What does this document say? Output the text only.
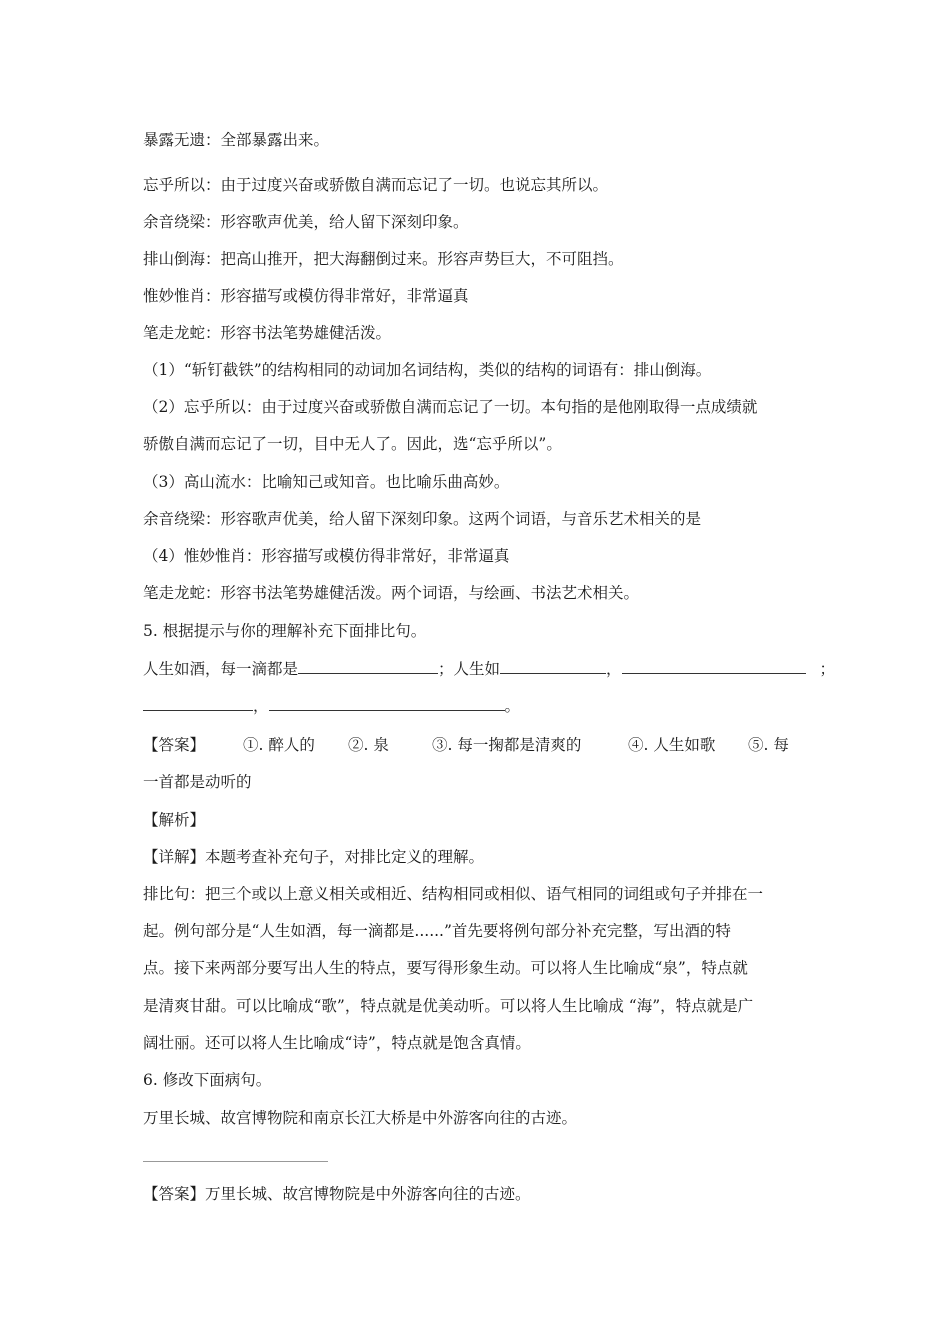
暴露无遗：全部暴露出来。
忘乎所以：由于过度兴奋或骄傲自满而忘记了一切。也说忘其所以。
余音绕梁：形容歌声优美，给人留下深刻印象。
排山倒海：把高山推开，把大海翻倒过来。形容声势巨大，不可阻挡。
惟妙惟肖：形容描写或模仿得非常好，非常逼真
笔走龙蛇：形容书法笔势雄健活泼。
（1）“斩钉截铁”的结构相同的动词加名词结构，类似的结构的词语有：排山倒海。
（2）忘乎所以：由于过度兴奋或骄傲自满而忘记了一切。本句指的是他刚取得一点成绩就
骄傲自满而忘记了一切，目中无人了。因此，选“忘乎所以”。
（3）高山流水：比喻知己或知音。也比喻乐曲高妙。
余音绕梁：形容歌声优美，给人留下深刻印象。这两个词语，与音乐艺术相关的是
（4）惟妙惟肖：形容描写或模仿得非常好，非常逼真
笔走龙蛇：形容书法笔势雄健活泼。两个词语，与绘画、书法艺术相关。
5. 根据提示与你的理解补充下面排比句。
人生如酒，每一滴都是	；人生如	，	；
，	。
【答案】 ①. 醉人的 ②. 泉	③. 每一掬都是清爽的	④. 人生如歌 ⑤. 每
一首都是动听的
【解析】
【详解】本题考查补充句子，对排比定义的理解。
排比句：把三个或以上意义相关或相近、结构相同或相似、语气相同的词组或句子并排在一
起。例句部分是“人生如酒，每一滴都是......”首先要将例句部分补充完整，写出酒的特
点。接下来两部分要写出人生的特点，要写得形象生动。可以将人生比喻成“泉”，特点就
是清爽甘甜。可以比喻成“歌”，特点就是优美动听。可以将人生比喻成 “海”，特点就是广
阔壮丽。还可以将人生比喻成“诗”，特点就是饱含真情。
6. 修改下面病句。
万里长城、故宫博物院和南京长江大桥是中外游客向往的古迹。
【答案】万里长城、故宫博物院是中外游客向往的古迹。
